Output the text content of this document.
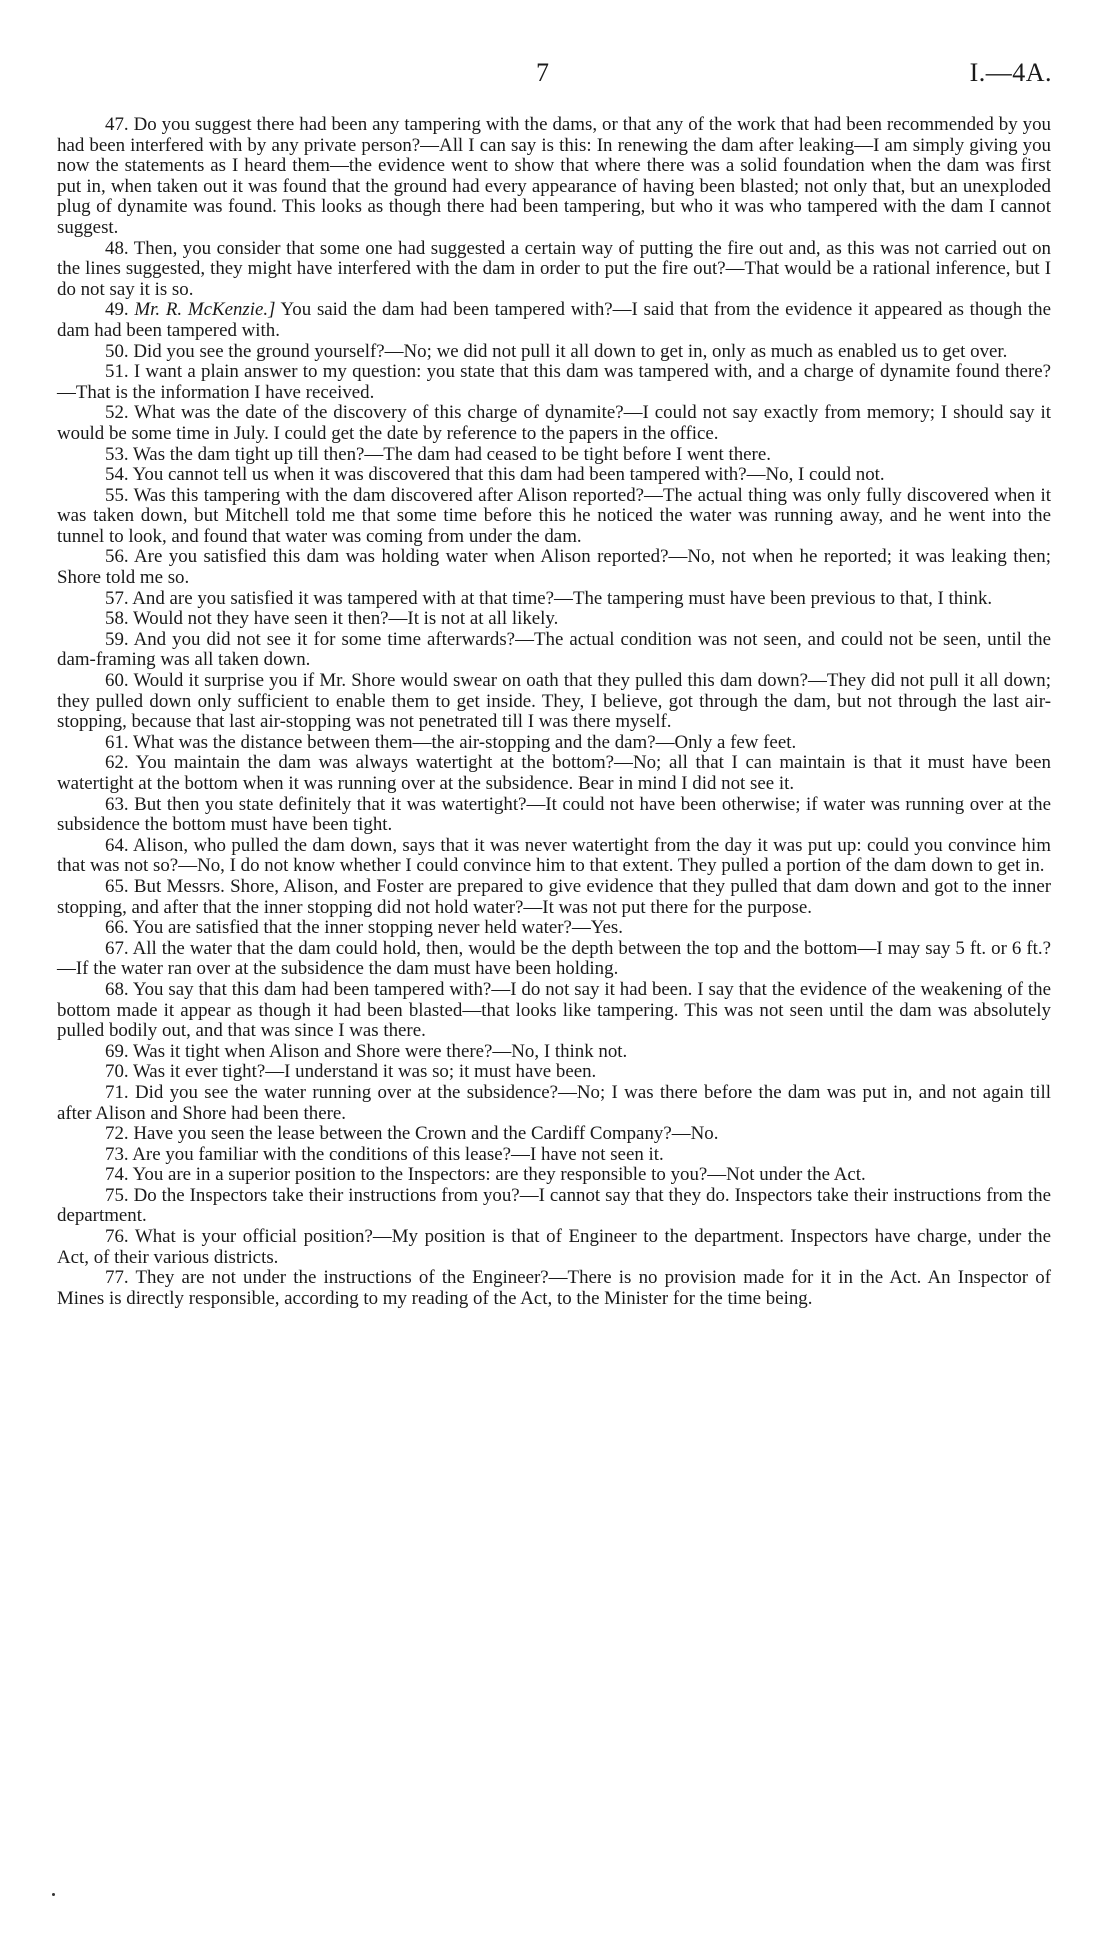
7	I.—4A.

47. Do you suggest there had been any tampering with the dams, or that any of the work that had been recommended by you had been interfered with by any private person?—All I can say is this: In renewing the dam after leaking—I am simply giving you now the statements as I heard them—the evidence went to show that where there was a solid foundation when the dam was first put in, when taken out it was found that the ground had every appearance of having been blasted; not only that, but an unexploded plug of dynamite was found. This looks as though there had been tampering, but who it was who tampered with the dam I cannot suggest.

48. Then, you consider that some one had suggested a certain way of putting the fire out and, as this was not carried out on the lines suggested, they might have interfered with the dam in order to put the fire out?—That would be a rational inference, but I do not say it is so.

49. Mr. R. McKenzie.] You said the dam had been tampered with?—I said that from the evidence it appeared as though the dam had been tampered with.

50. Did you see the ground yourself?—No; we did not pull it all down to get in, only as much as enabled us to get over.

51. I want a plain answer to my question: you state that this dam was tampered with, and a charge of dynamite found there?—That is the information I have received.

52. What was the date of the discovery of this charge of dynamite?—I could not say exactly from memory; I should say it would be some time in July. I could get the date by reference to the papers in the office.

53. Was the dam tight up till then?—The dam had ceased to be tight before I went there.

54. You cannot tell us when it was discovered that this dam had been tampered with?—No, I could not.

55. Was this tampering with the dam discovered after Alison reported?—The actual thing was only fully discovered when it was taken down, but Mitchell told me that some time before this he noticed the water was running away, and he went into the tunnel to look, and found that water was coming from under the dam.

56. Are you satisfied this dam was holding water when Alison reported?—No, not when he reported; it was leaking then; Shore told me so.

57. And are you satisfied it was tampered with at that time?—The tampering must have been previous to that, I think.

58. Would not they have seen it then?—It is not at all likely.

59. And you did not see it for some time afterwards?—The actual condition was not seen, and could not be seen, until the dam-framing was all taken down.

60. Would it surprise you if Mr. Shore would swear on oath that they pulled this dam down?—They did not pull it all down; they pulled down only sufficient to enable them to get inside. They, I believe, got through the dam, but not through the last air-stopping, because that last air-stopping was not penetrated till I was there myself.

61. What was the distance between them—the air-stopping and the dam?—Only a few feet.

62. You maintain the dam was always watertight at the bottom?—No; all that I can maintain is that it must have been watertight at the bottom when it was running over at the subsidence. Bear in mind I did not see it.

63. But then you state definitely that it was watertight?—It could not have been otherwise; if water was running over at the subsidence the bottom must have been tight.

64. Alison, who pulled the dam down, says that it was never watertight from the day it was put up: could you convince him that was not so?—No, I do not know whether I could convince him to that extent. They pulled a portion of the dam down to get in.

65. But Messrs. Shore, Alison, and Foster are prepared to give evidence that they pulled that dam down and got to the inner stopping, and after that the inner stopping did not hold water?—It was not put there for the purpose.

66. You are satisfied that the inner stopping never held water?—Yes.

67. All the water that the dam could hold, then, would be the depth between the top and the bottom—I may say 5 ft. or 6 ft.?—If the water ran over at the subsidence the dam must have been holding.

68. You say that this dam had been tampered with?—I do not say it had been. I say that the evidence of the weakening of the bottom made it appear as though it had been blasted—that looks like tampering. This was not seen until the dam was absolutely pulled bodily out, and that was since I was there.

69. Was it tight when Alison and Shore were there?—No, I think not.

70. Was it ever tight?—I understand it was so; it must have been.

71. Did you see the water running over at the subsidence?—No; I was there before the dam was put in, and not again till after Alison and Shore had been there.

72. Have you seen the lease between the Crown and the Cardiff Company?—No.

73. Are you familiar with the conditions of this lease?—I have not seen it.

74. You are in a superior position to the Inspectors: are they responsible to you?—Not under the Act.

75. Do the Inspectors take their instructions from you?—I cannot say that they do. Inspectors take their instructions from the department.

76. What is your official position?—My position is that of Engineer to the department. Inspectors have charge, under the Act, of their various districts.

77. They are not under the instructions of the Engineer?—There is no provision made for it in the Act. An Inspector of Mines is directly responsible, according to my reading of the Act, to the Minister for the time being.
